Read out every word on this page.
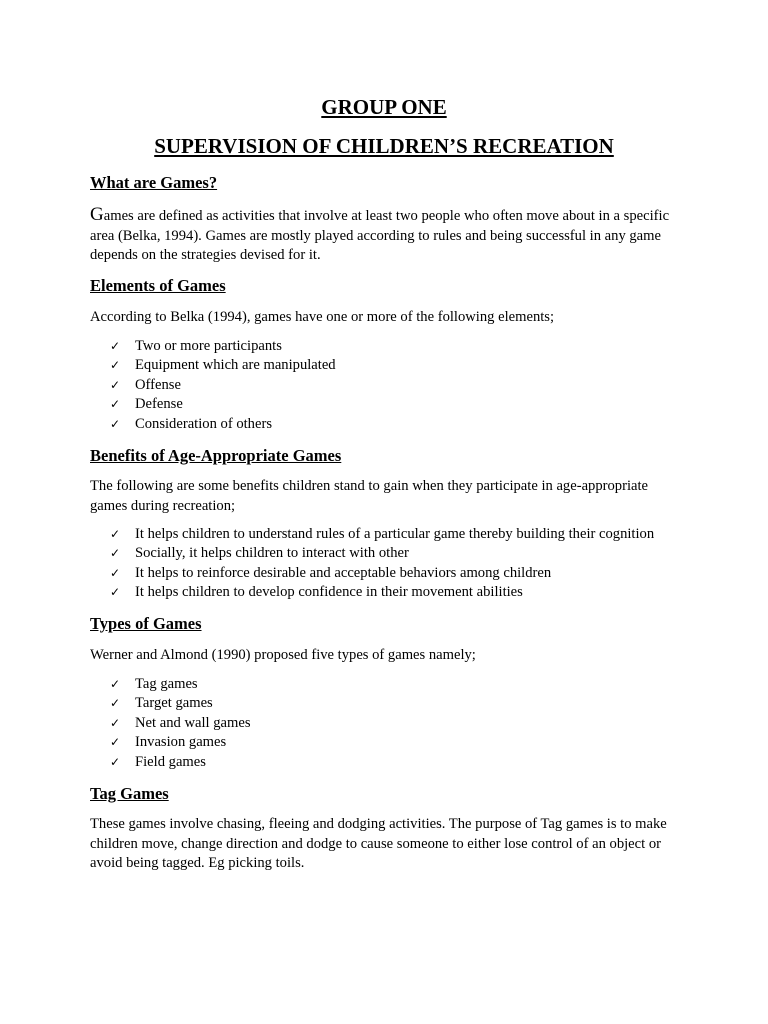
GROUP ONE
SUPERVISION OF CHILDREN’S RECREATION
What are Games?

Games are defined as activities that involve at least two people who often move about in a specific area (Belka, 1994). Games are mostly played according to rules and being successful in any game depends on the strategies devised for it.

Elements of Games

According to Belka (1994), games have one or more of the following elements;

✓ Two or more participants
✓ Equipment which are manipulated
✓ Offense
✓ Defense
✓ Consideration of others
Benefits of Age-Appropriate Games

The following are some benefits children stand to gain when they participate in age-appropriate games during recreation;

✓ It helps children to understand rules of a particular game thereby building their cognition
✓ Socially, it helps children to interact with other
✓ It helps to reinforce desirable and acceptable behaviors among children
✓ It helps children to develop confidence in their movement abilities
Types of Games

Werner and Almond (1990) proposed five types of games namely;

✓ Tag games
✓ Target games
✓ Net and wall games
✓ Invasion games
✓ Field games
Tag Games

These games involve chasing, fleeing and dodging activities. The purpose of Tag games is to make children move, change direction and dodge to cause someone to either lose control of an object or avoid being tagged. Eg picking toils.
